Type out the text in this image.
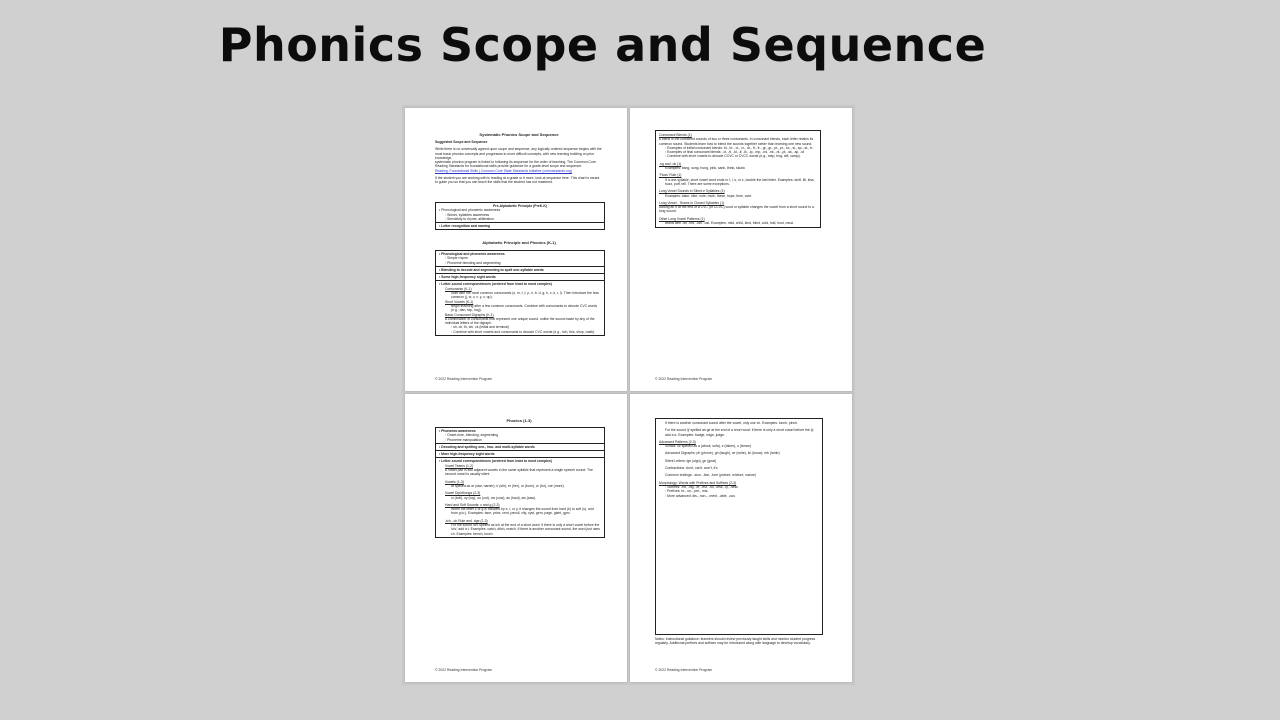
Phonics Scope and Sequence
Systematic Phonics Scope and Sequence
Suggested Scope and Sequence
While there is no universally agreed upon scope and sequence, any logically ordered sequence begins with the most basic phonics concepts and progresses to more difficult concepts, with new learning building on prior knowledge.
systematic phonics program is linked to following its sequence for the order of teaching. The Common Core Reading Standards for foundational skills provide guidance for a grade-level scope and sequence.
Reading: Foundational Skills | Common Core State Standards Initiative (corestandards.org)
If the student you are working with is reading at a grade or it more, look at sequence here. This chart is meant to guide you so that you can teach the skills that the student has not mastered.
Pre-Alphabetic Principle (PreK-K)
• Phonological and phonemic awareness
◦ Words, syllables awareness
◦ Sensitivity to rhyme, alliteration
• Letter recognition and naming
Alphabetic Principle and Phonics (K-1)
• Phonological and phonemic awareness
◦ Simple rhyme
◦ Phoneme blending and segmenting
• Blending to decode and segmenting to spell one-syllable words
• Some high-frequency sight words
• Letter-sound correspondences (ordered from least to most complex)
Consonants (K-1)
Start with the most common consonants (s, m, t, f, p, n, b, d, g, h, c, k, r, l). Then introduce the less common (j, w, v, x, y, z, qu).
Short Vowels (K-1)
Begin teaching after a few common consonants. Combine with consonants to decode CVC words (e.g., dan, tap, hog).
Basic Consonant Digraphs (K-1)
A combination of consonants that represent one unique sound, unlike the sound made by any of the individual letters of the digraph.
◦ sh, ch, th, wh, ck (initial and terminal)
◦ Combine with short vowels and consonants to decode CVC words (e.g., rich, this, shop, math).
© 2022 Reading Intervention Program
Consonant Blends (1)
A blend is the combined sounds of two or three consonants. In consonant blends, each letter retains its common sound. Students learn how to blend the sounds together rather than learning one new sound.
◦ Examples of initial consonant blends: bl-, br-, cl-, cr-, dr-, fl-, fr-, gl-, gr-, pl-, pr-, sc-, sl-, sp-, st-, tr-
◦ Examples of final consonant blends: -ct, -ft, -ld, -lf, -lk, -lp, -mp, -nd, -nk, -nt, -pt, -sk, -sp, -st
◦ Combine with short vowels to decode CCVC or CVCC words (e.g., step, frog, sift, camp).
-ng and -nk (1)
Examples: bang, song, hung, pink, sank, think, skunk
'Floss' Rule (1)
If a one-syllable, short vowel word ends in f, l, s, or z, double the last letter. Examples: stuff, fill, kiss, buzz, puff, tell. There are some exceptions.
Long Vowel Sounds in Silent-e Syllables (1)
Examples: bake, hike, note, mule, these, hope, time, cute.
Long Vowel - Teams in Closed Syllables (1)
Adding an e at the end of a CVC (or CCVC) word or syllable changes the vowel from a short sound to a long sound.
Other Long Vowel Patterns (1)
words with -ild, -ind, -old, -ost. Examples: mild, child, kind, blind, cold, fold, host, most.
© 2022 Reading Intervention Program
Phonics (1-3)
• Phonemic awareness
◦ Onset-rime, blending, segmenting
◦ Phoneme manipulation
• Decoding and spelling one-, two- and multi-syllable words
• More high-frequency sight words
• Letter-sound correspondences (ordered from least to most complex)
Vowel Teams (1-2)
A vowel pair is two adjacent vowels in the same syllable that represent a single speech sound. The second vowel is usually silent.
Vowels (1-3)
ar spelled as ar (star, harder), ir (stir), er (her), ur (burn), or (for), ore (more).
Vowel Diphthongs (2-3)
oi (boil), oy (toy), ou (out), ow (cow), au (haul), aw (saw).
Hard and Soft Sounds: c and g (2-3)
When the letter c or g is followed by e, i, or y, it changes the sound from hard (k) to soft (s), and from g to j. Examples: face, price, cent, pencil, city, cyst, gem, page, giant, gym.
-tch, -ch Rule and -dge (2-3)
For the sound /ch/ spelled as tch at the end of a short word: if there is only a short vowel before the /ch/, add a t. Examples: catch, ditch, match. If there is another consonant sound, the word just uses ch. Examples: bench, lunch.
© 2022 Reading Intervention Program
If there is another consonant sound after the vowel, only use ch. Examples: lunch, pinch.
For the sound /j/ spelled as ge at the end of a short word: if there is only a short vowel before the /j/, add a d. Examples: badge, edge, judge.
Advanced Patterns (2-3)
Schwa: /ə/ spelled as a (about, sofa), e (taken), o (lemon)
Advanced Digraphs: ph (phone), gh (laugh), wr (write), kn (know), mb (lamb)
Silent Letters: ign (sign), gn (gnat)
Contractions: don't, can't, won't, it's
Common endings: -sion, -tion, -ture (picture, mixture, nature)
Morphology: Words with Prefixes and Suffixes (2-3)
◦ Suffixes: -ed, -ing, -er, -est, -ful, -less, -ly, -ness
◦ Prefixes: re-, un-, pre-, mis-
◦ More advanced: dis-, non-, -ment, -able, -ous
Notes: Instructional guidance: teachers should review previously taught skills and monitor student progress regularly. Additional prefixes and suffixes may be introduced along with language to develop vocabulary.
© 2022 Reading Intervention Program
